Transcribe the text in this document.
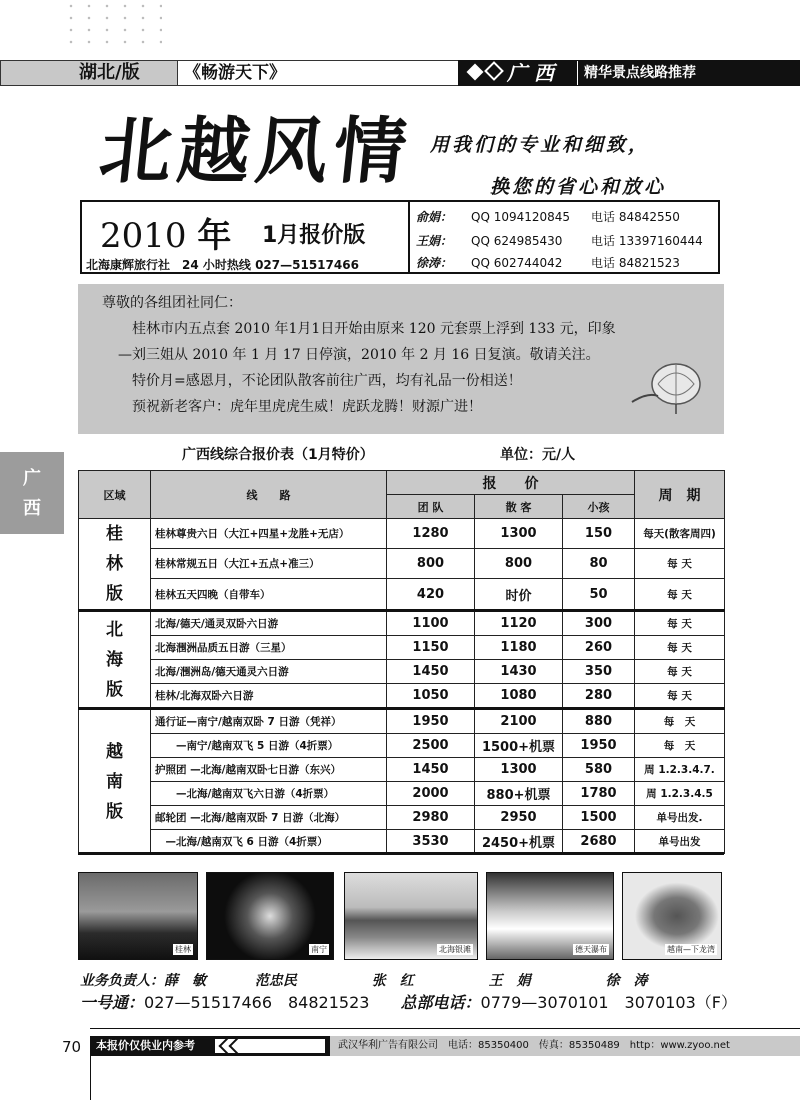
湖北/版	《畅游天下》	广 西	精华景点线路推荐
北越风情 用我们的专业和细致，
换您的省心和放心
2010 年 1月报价版
北海康辉旅行社　 24 小时热线 027—51517466
俞娟： QQ 1094120845 电话 84842550
王娟： QQ 624985430 电话 13397160444
徐涛： QQ 602744042 电话 84821523
尊敬的各组团社同仁：
桂林市内五点套 2010 年1月1日开始由原来 120 元套票上浮到 133 元，印象
—刘三姐从 2010 年 1 月 17 日停演，2010 年 2 月 16 日复演。敬请关注。
特价月=感恩月，不论团队散客前往广西，均有礼品一份相送！
预祝新老客户：虎年里虎虎生威！虎跃龙腾！财源广进！
广
西
广西线综合报价表（1月特价）	单位：元/人
区域	线　　路	报　　价			周　期
		团 队	散 客	小孩	

桂
林
版	桂林尊贵六日（大江+四星+龙胜+无店）	1280	1300	150	每天(散客周四)
	桂林常规五日（大江+五点+准三）	800	800	80	每 天
	桂林五天四晚（自带车）	420	时价	50	每 天

北
海
版	北海/德天/通灵双卧六日游	1100	1120	300	每 天
	北海涠洲品质五日游（三星）	1150	1180	260	每 天
	北海/涠洲岛/德天通灵六日游	1450	1430	350	每 天
	桂林/北海双卧六日游	1050	1080	280	每 天

越
南
版	通行证—南宁/越南双卧 7 日游（凭祥）	1950	2100	880	每　天
	　　—南宁/越南双飞 5 日游（4折票）	2500	1500+机票	1950	每　天
	护照团 —北海/越南双卧七日游（东兴）	1450	1300	580	周 1.2.3.4.7.
	　　—北海/越南双飞六日游（4折票）	2000	880+机票	1780	周 1.2.3.4.5
	邮轮团 —北海/越南双卧 7 日游（北海）	2980	2950	1500	单号出发.
	　—北海/越南双飞 6 日游（4折票）	3530	2450+机票	2680	单号出发
桂林	南宁	北海银滩	德天瀑布	越南—下龙湾
业务负责人：薛　敏	范忠民	张　红	王　娟	徐　涛
一号通：027—51517466　84821523 总部电话：0779—3070101　3070103（F）
70 本报价仅供业内参考	武汉华利广告有限公司　电话：85350400　传真：85350489　http：www.zyoo.net
